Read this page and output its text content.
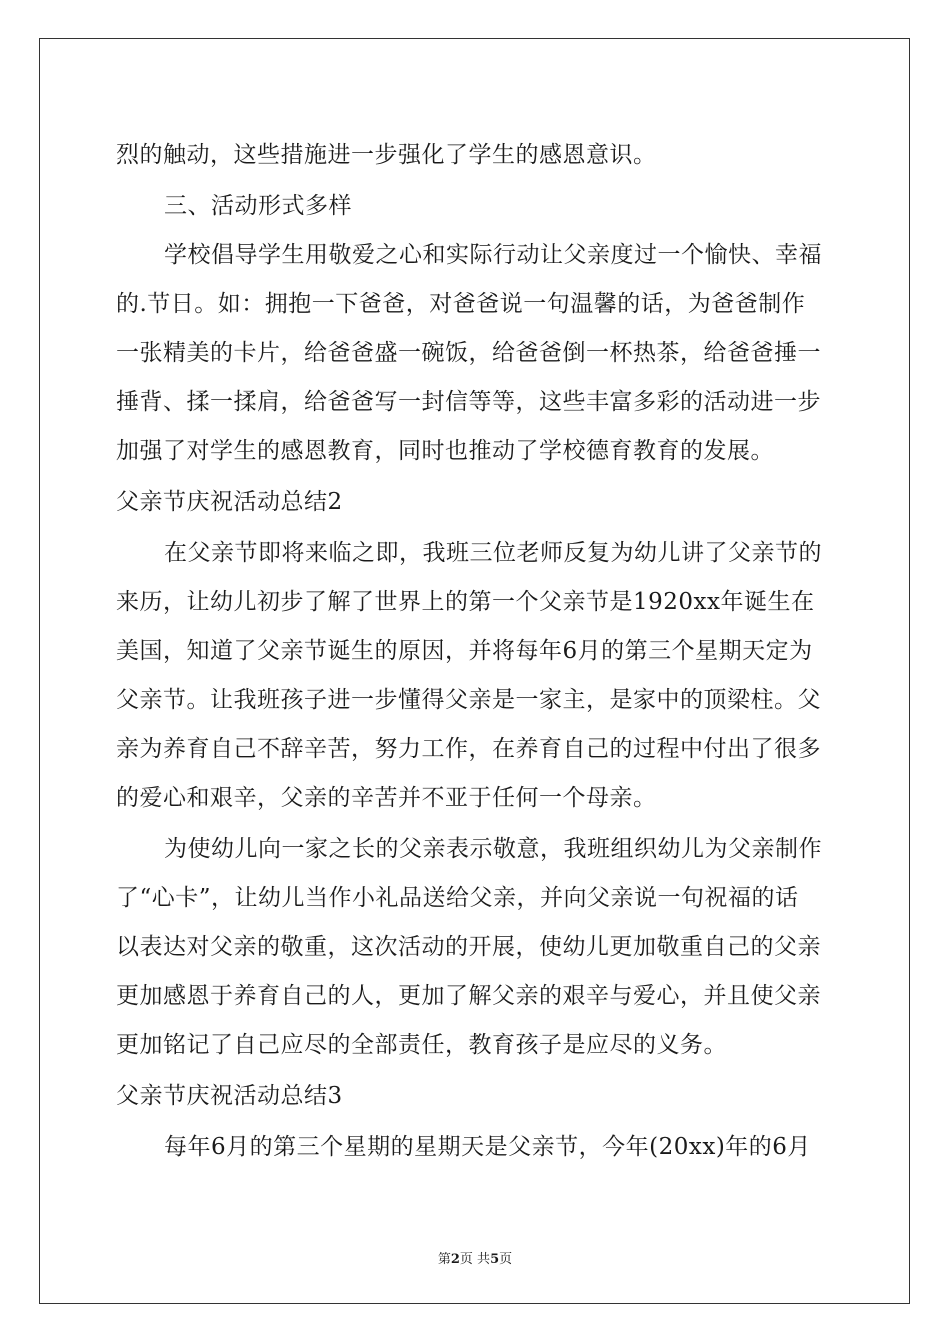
烈的触动，这些措施进一步强化了学生的感恩意识。
三、活动形式多样
学校倡导学生用敬爱之心和实际行动让父亲度过一个愉快、幸福
的.节日。如：拥抱一下爸爸，对爸爸说一句温馨的话，为爸爸制作
一张精美的卡片，给爸爸盛一碗饭，给爸爸倒一杯热茶，给爸爸捶一
捶背、揉一揉肩，给爸爸写一封信等等，这些丰富多彩的活动进一步
加强了对学生的感恩教育，同时也推动了学校德育教育的发展。
父亲节庆祝活动总结2
在父亲节即将来临之即，我班三位老师反复为幼儿讲了父亲节的
来历，让幼儿初步了解了世界上的第一个父亲节是1920xx年诞生在
美国，知道了父亲节诞生的原因，并将每年6月的第三个星期天定为
父亲节。让我班孩子进一步懂得父亲是一家主，是家中的顶梁柱。父
亲为养育自己不辞辛苦，努力工作，在养育自己的过程中付出了很多
的爱心和艰辛，父亲的辛苦并不亚于任何一个母亲。
为使幼儿向一家之长的父亲表示敬意，我班组织幼儿为父亲制作
了“心卡”，让幼儿当作小礼品送给父亲，并向父亲说一句祝福的话
以表达对父亲的敬重，这次活动的开展，使幼儿更加敬重自己的父亲
更加感恩于养育自己的人，更加了解父亲的艰辛与爱心，并且使父亲
更加铭记了自己应尽的全部责任，教育孩子是应尽的义务。
父亲节庆祝活动总结3
每年6月的第三个星期的星期天是父亲节，今年(20xx)年的6月
第2页 共5页
